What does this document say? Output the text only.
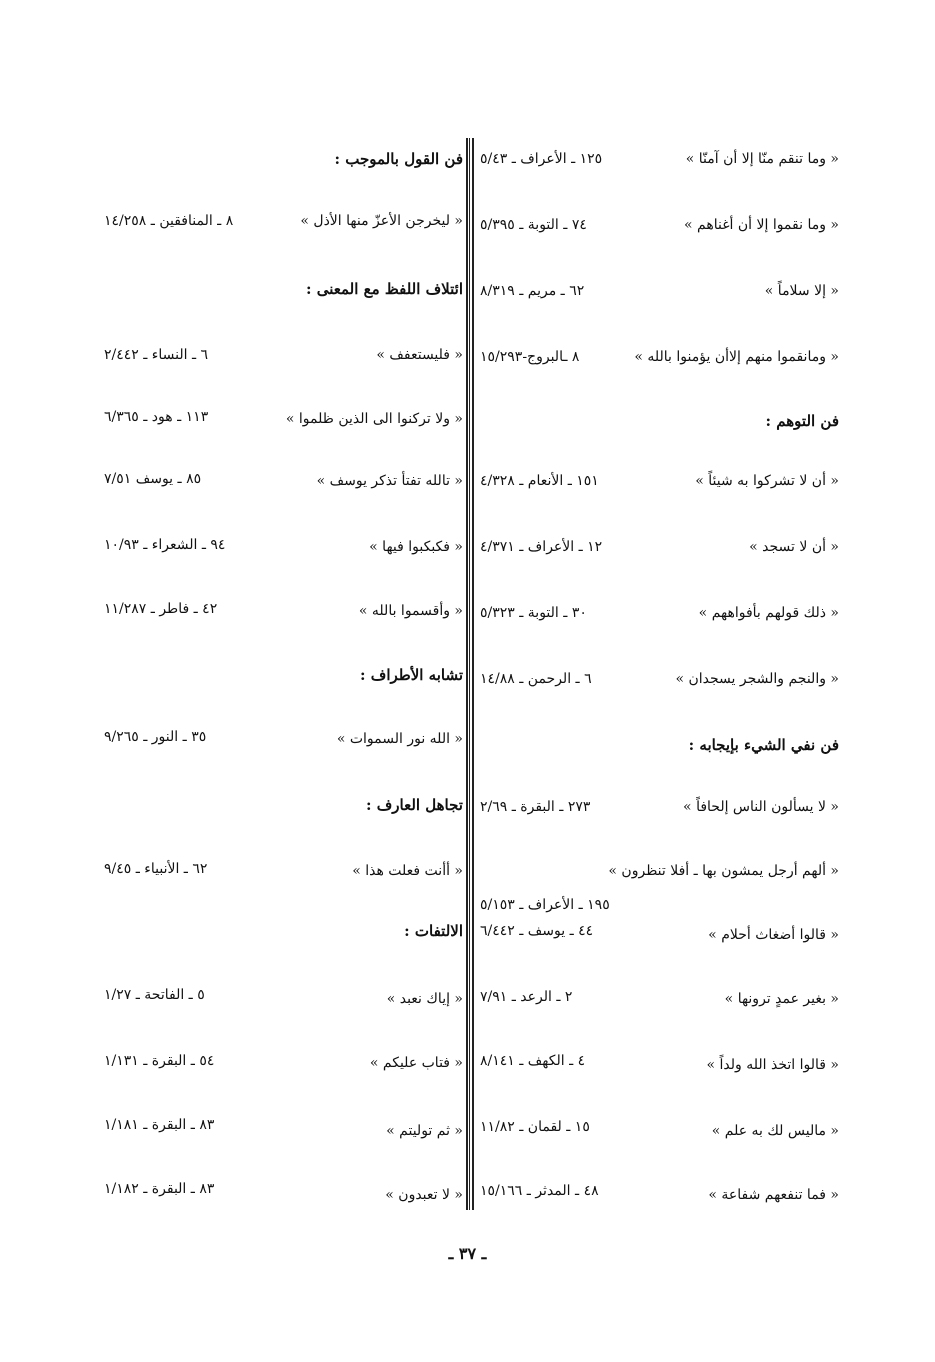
« وما تنقم منّا إلا أن آمنّا »
١٢٥ ـ الأعراف ـ ٥/٤٣
« وما نقموا إلا أن أغناهم »
٧٤ ـ التوبة ـ ٥/٣٩٥
« إلا سلاماً »
٦٢ ـ مريم ـ ٨/٣١٩
« ومانقموا منهم إلاأن يؤمنوا بالله »
٨ ـالبروج-١٥/٢٩٣
فن التوهم :
« أن لا تشركوا به شيئاً »
١٥١ ـ الأنعام ـ ٤/٣٢٨
« أن لا تسجد »
١٢ ـ الأعراف ـ ٤/٣٧١
« ذلك قولهم بأفواههم »
٣٠ ـ التوبة ـ ٥/٣٢٣
« والنجم والشجر يسجدان »
٦ ـ الرحمن ـ ١٤/٨٨
فن نفي الشيء بإيجابه :
« لا يسألون الناس إلحافاً »
٢٧٣ ـ البقرة ـ ٢/٦٩
« ألهم أرجل يمشون بها ـ أفلا تنظرون »
١٩٥ ـ الأعراف ـ ٥/١٥٣
« قالوا أضغاث أحلام »
٤٤ ـ يوسف ـ ٦/٤٤٢
« بغير عمدٍ ترونها »
٢ ـ الرعد ـ ٧/٩١
« قالوا اتخذ الله ولداً »
٤ ـ الكهف ـ ٨/١٤١
« ماليس لك به علم »
١٥ ـ لقمان ـ ١١/٨٢
« فما تنفعهم شفاعة »
٤٨ ـ المدثر ـ ١٥/١٦٦
فن القول بالموجب :
« ليخرجن الأعزّ منها الأذل »
٨ ـ المنافقين ـ ١٤/٢٥٨
ائتلاف اللفظ مع المعنى :
« فليستعفف »
٦ ـ النساء ـ ٢/٤٤٢
« ولا تركنوا الى الذين ظلموا »
١١٣ ـ هود ـ ٦/٣٦٥
« تالله تفتأ تذكر يوسف »
٨٥ ـ يوسف ٧/٥١
« فكبكبوا فيها »
٩٤ ـ الشعراء ـ ١٠/٩٣
« وأقسموا بالله »
٤٢ ـ فاطر ـ ١١/٢٨٧
تشابه الأطراف :
« الله نور السموات »
٣٥ ـ النور ـ ٩/٢٦٥
تجاهل العارف :
« أأنت فعلت هذا »
٦٢ ـ الأنبياء ـ ٩/٤٥
الالتفات :
« إياك نعبد »
٥ ـ الفاتحة ـ ١/٢٧
« فتاب عليكم »
٥٤ ـ البقرة ـ ١/١٣١
« ثم توليتم »
٨٣ ـ البقرة ـ ١/١٨١
« لا تعبدون »
٨٣ ـ البقرة ـ ١/١٨٢
ـ ٣٧ ـ
